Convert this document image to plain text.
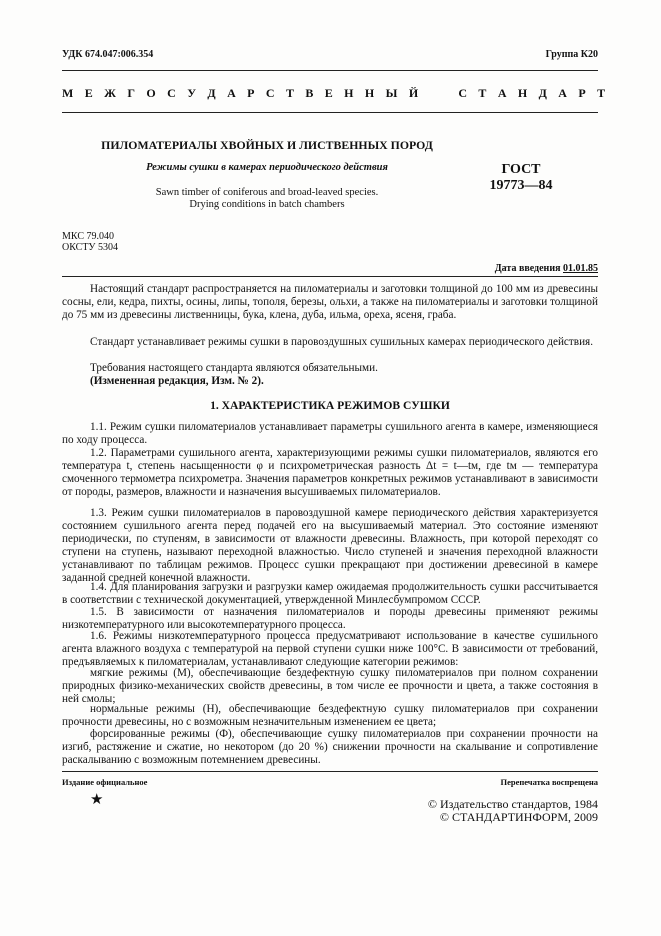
УДК 674.047:006.354	Группа К20
М Е Ж Г О С У Д А Р С Т В Е Н Н Ы Й     С Т А Н Д А Р Т
ПИЛОМАТЕРИАЛЫ ХВОЙНЫХ И ЛИСТВЕННЫХ ПОРОД
Режимы сушки в камерах периодического действия
Sawn timber of coniferous and broad-leaved species.
Drying conditions in batch chambers
ГОСТ
19773—84
МКС 79.040
ОКСТУ 5304
Дата введения 01.01.85

Настоящий стандарт распространяется на пиломатериалы и заготовки толщиной до 100 мм из древесины сосны, ели, кедра, пихты, осины, липы, тополя, березы, ольхи, а также на пиломатериалы и заготовки толщиной до 75 мм из древесины лиственницы, бука, клена, дуба, ильма, ореха, ясеня, граба.

Стандарт устанавливает режимы сушки в паровоздушных сушильных камерах периодического действия.

Требования настоящего стандарта являются обязательными.

(Измененная редакция, Изм. № 2).

1. ХАРАКТЕРИСТИКА РЕЖИМОВ СУШКИ

1.1. Режим сушки пиломатериалов устанавливает параметры сушильного агента в камере, изменяющиеся по ходу процесса.

1.2. Параметрами сушильного агента, характеризующими режимы сушки пиломатериалов, являются его температура t, степень насыщенности φ и психрометрическая разность Δt = t—tм, где tм — температура смоченного термометра психрометра. Значения параметров конкретных режимов устанавливают в зависимости от породы, размеров, влажности и назначения высушиваемых пиломатериалов.

1.3. Режим сушки пиломатериалов в паровоздушной камере периодического действия характеризуется состоянием сушильного агента перед подачей его на высушиваемый материал. Это состояние изменяют периодически, по ступеням, в зависимости от влажности древесины. Влажность, при которой переходят со ступени на ступень, называют переходной влажностью. Число ступеней и значения переходной влажности устанавливают по таблицам режимов. Процесс сушки прекращают при достижении древесиной в камере заданной средней конечной влажности.

1.4. Для планирования загрузки и разгрузки камер ожидаемая продолжительность сушки рассчитывается в соответствии с технической документацией, утвержденной Минлесбумпромом СССР.

1.5. В зависимости от назначения пиломатериалов и породы древесины применяют режимы низкотемпературного или высокотемпературного процесса.

1.6. Режимы низкотемпературного процесса предусматривают использование в качестве сушильного агента влажного воздуха с температурой на первой ступени сушки ниже 100°С. В зависимости от требований, предъявляемых к пиломатериалам, устанавливают следующие категории режимов:

мягкие режимы (М), обеспечивающие бездефектную сушку пиломатериалов при полном сохранении природных физико-механических свойств древесины, в том числе ее прочности и цвета, а также состояния в ней смолы;

нормальные режимы (Н), обеспечивающие бездефектную сушку пиломатериалов при сохранении прочности древесины, но с возможным незначительным изменением ее цвета;

форсированные режимы (Ф), обеспечивающие сушку пиломатериалов при сохранении прочности на изгиб, растяжение и сжатие, но некотором (до 20 %) снижении прочности на скалывание и сопротивление раскалыванию с возможным потемнением древесины.

Издание официальное	Перепечатка воспрещена
★	© Издательство стандартов, 1984
© СТАНДАРТИНФОРМ, 2009
